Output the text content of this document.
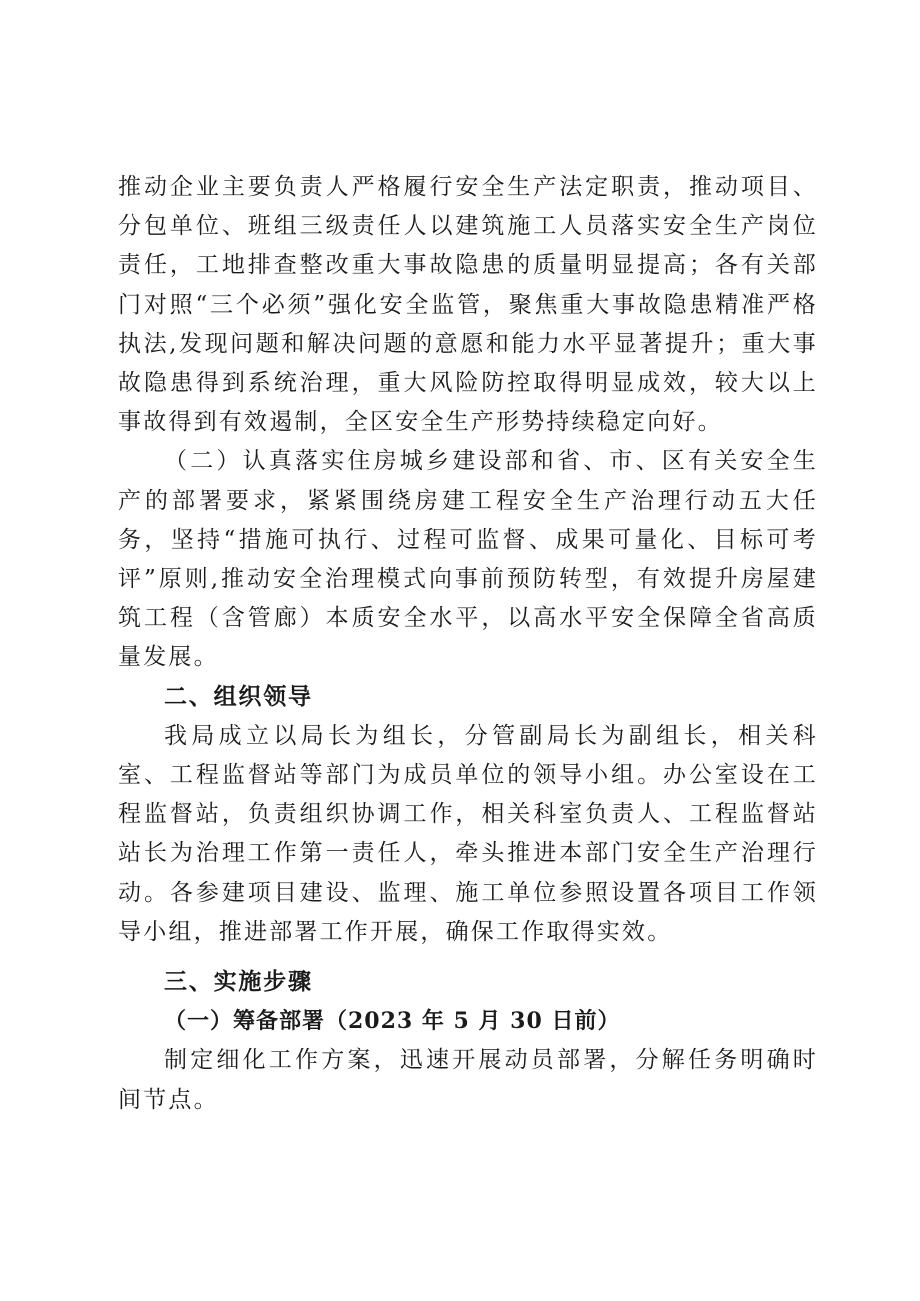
推动企业主要负责人严格履行安全生产法定职责，推动项目、分包单位、班组三级责任人以建筑施工人员落实安全生产岗位责任，工地排查整改重大事故隐患的质量明显提高；各有关部门对照“三个必须”强化安全监管，聚焦重大事故隐患精准严格执法,发现问题和解决问题的意愿和能力水平显著提升；重大事故隐患得到系统治理，重大风险防控取得明显成效，较大以上事故得到有效遏制，全区安全生产形势持续稳定向好。

（二）认真落实住房城乡建设部和省、市、区有关安全生产的部署要求，紧紧围绕房建工程安全生产治理行动五大任务，坚持“措施可执行、过程可监督、成果可量化、目标可考评”原则,推动安全治理模式向事前预防转型，有效提升房屋建筑工程（含管廊）本质安全水平，以高水平安全保障全省高质量发展。

二、组织领导

我局成立以局长为组长，分管副局长为副组长，相关科室、工程监督站等部门为成员单位的领导小组。办公室设在工程监督站，负责组织协调工作，相关科室负责人、工程监督站站长为治理工作第一责任人，牵头推进本部门安全生产治理行动。各参建项目建设、监理、施工单位参照设置各项目工作领导小组，推进部署工作开展，确保工作取得实效。

三、实施步骤

（一）筹备部署（2023 年 5 月 30 日前）

制定细化工作方案，迅速开展动员部署，分解任务明确时间节点。
